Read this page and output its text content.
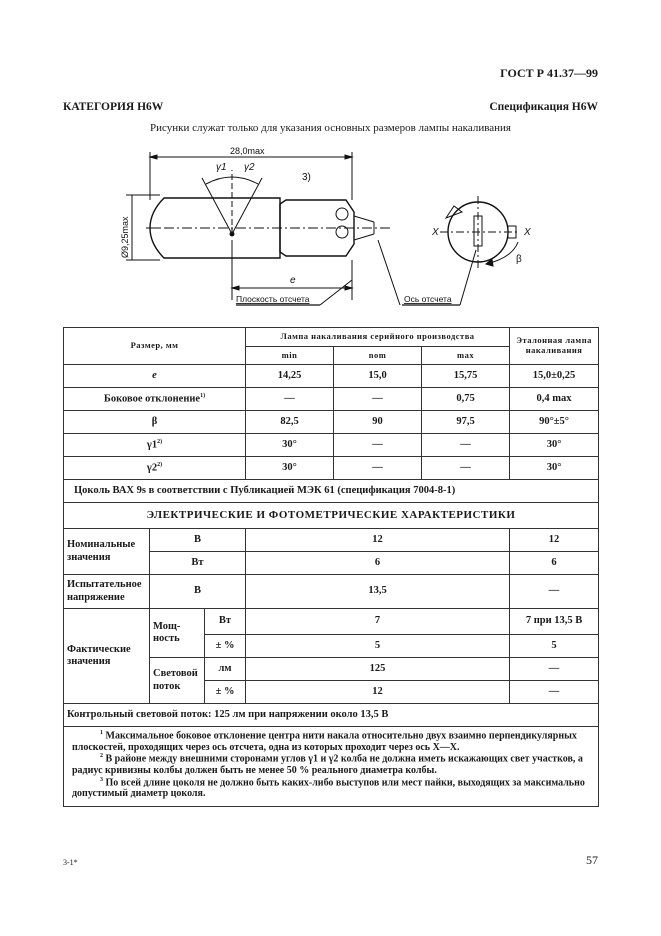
ГОСТ Р 41.37—99
КАТЕГОРИЯ H6W	Спецификация H6W
Рисунки служат только для указания основных размеров лампы накаливания
28,0max
Ø9,25max
3)
γ1 γ2
e
β
X	X
Плоскость отсчета	Ось отсчета
Размер, мм			Лампа накаливания серийного производства			Эталонная лампа накаливания
			min	nom	max	
e			14,25	15,0	15,75	15,0±0,25
Боковое отклонение$^{1)}$			—	—	0,75	0,4 max
β			82,5	90	97,5	90°±5°
γ1$^{2)}$			30°	—	—	30°
γ2$^{2)}$			30°	—	—	30°
Цоколь ВАХ 9s в соответствии с Публикацией МЭК 61 (спецификация 7004-8-1)						
ЭЛЕКТРИЧЕСКИЕ И ФОТОМЕТРИЧЕСКИЕ ХАРАКТЕРИСТИКИ						
Номинальные значения	В		12			12
	Вт		6			6
Испытательное напряжение	В		13,5			—
Фактические значения	Мощ-ность	Вт	7			7 при 13,5 В
		± %	5			5
	Световой поток	лм	125			—
		± %	12			—
Контрольный световой поток: 125 лм при напряжении около 13,5 В						

$^1$ Максимальное боковое отклонение центра нити накала относительно двух взаимно перпендикулярных плоскостей, проходящих через ось отсчета, одна из которых проходит через ось X—X.

$^2$ В районе между внешними сторонами углов γ1 и γ2 колба не должна иметь искажающих свет участков, а радиус кривизны колбы должен быть не менее 50 % реального диаметра колбы.

$^3$ По всей длине цоколя не должно быть каких-либо выступов или мест пайки, выходящих за максимально допустимый диаметр цоколя.						

3-1*	57
